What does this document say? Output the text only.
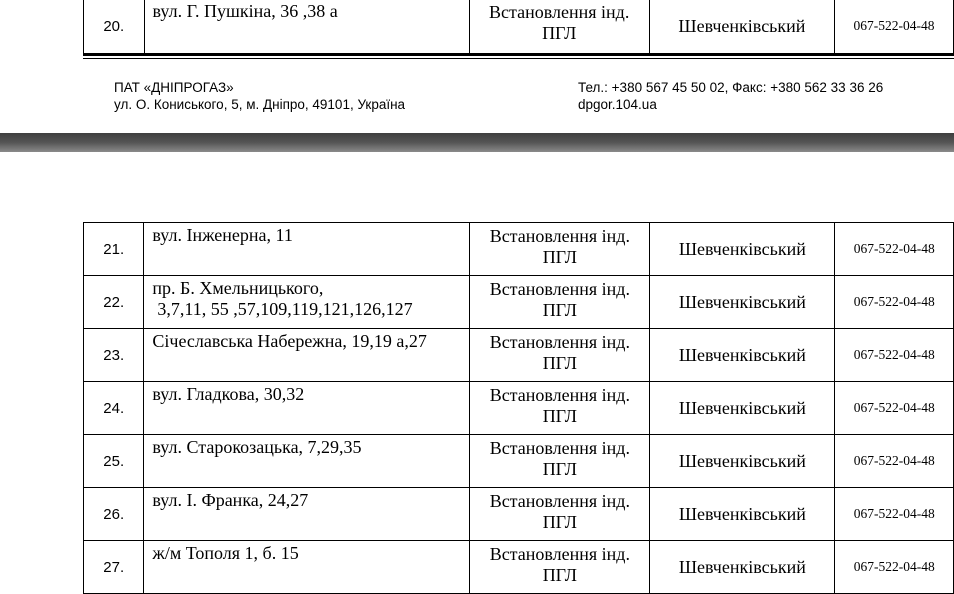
20.	
вул. Г. Пушкіна, 36 ,38 а	Встановлення інд.
ПГЛ	Шевченківський	067-522-04-48
ПАТ «ДНІПРОГАЗ»
ул. О. Кониського, 5, м. Дніпро, 49101, Україна
Тел.: +380 567 45 50 02, Факс: +380 562 33 36 26
dpgor.104.ua
21.	вул. Інженерна, 11	Встановлення інд.
ПГЛ	Шевченківський	067-522-04-48
22.	пр. Б. Хмельницького,
3,7,11, 55 ,57,109,119,121,126,127	Встановлення інд.
ПГЛ	Шевченківський	067-522-04-48
23.	Січеславська Набережна, 19,19 а,27	Встановлення інд.
ПГЛ	Шевченківський	067-522-04-48
24.	вул. Гладкова, 30,32	Встановлення інд.
ПГЛ	Шевченківський	067-522-04-48
25.	вул. Старокозацька, 7,29,35	Встановлення інд.
ПГЛ	Шевченківський	067-522-04-48
26.	вул. І. Франка, 24,27	Встановлення інд.
ПГЛ	Шевченківський	067-522-04-48
27.	ж/м Тополя 1, б. 15	Встановлення інд.
ПГЛ	Шевченківський	067-522-04-48
